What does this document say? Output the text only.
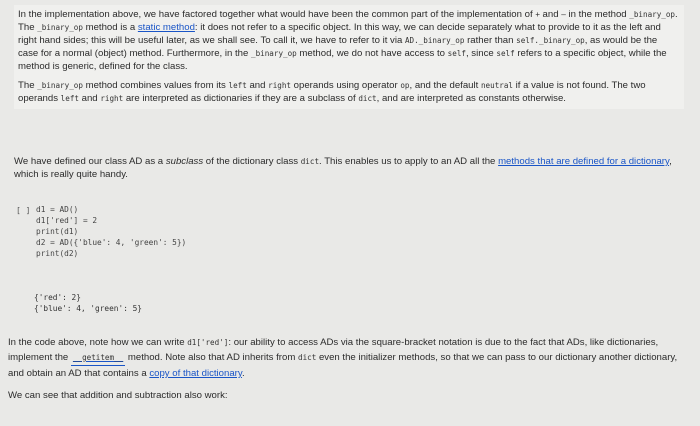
In the implementation above, we have factored together what would have been the common part of the implementation of + and – in the method _binary_op. The _binary_op method is a static method: it does not refer to a specific object. In this way, we can decide separately what to provide to it as the left and right hand sides; this will be useful later, as we shall see. To call it, we have to refer to it via AD._binary_op rather than self._binary_op, as would be the case for a normal (object) method. Furthermore, in the _binary_op method, we do not have access to self, since self refers to a specific object, while the method is generic, defined for the class.

The _binary_op method combines values from its left and right operands using operator op, and the default neutral if a value is not found. The two operands left and right are interpreted as dictionaries if they are a subclass of dict, and are interpreted as constants otherwise.

We have defined our class AD as a subclass of the dictionary class dict. This enables us to apply to an AD all the methods that are defined for a dictionary, which is really quite handy.

[ ] d1 = AD()
d1['red'] = 2
print(d1)
d2 = AD({'blue': 4, 'green': 5})
print(d2)
{'red': 2}
{'blue': 4, 'green': 5}

In the code above, note how we can write d1['red']: our ability to access ADs via the square-bracket notation is due to the fact that ADs, like dictionaries, implement the __getitem__ method. Note also that AD inherits from dict even the initializer methods, so that we can pass to our dictionary another dictionary, and obtain an AD that contains a copy of that dictionary.

We can see that addition and subtraction also work:
